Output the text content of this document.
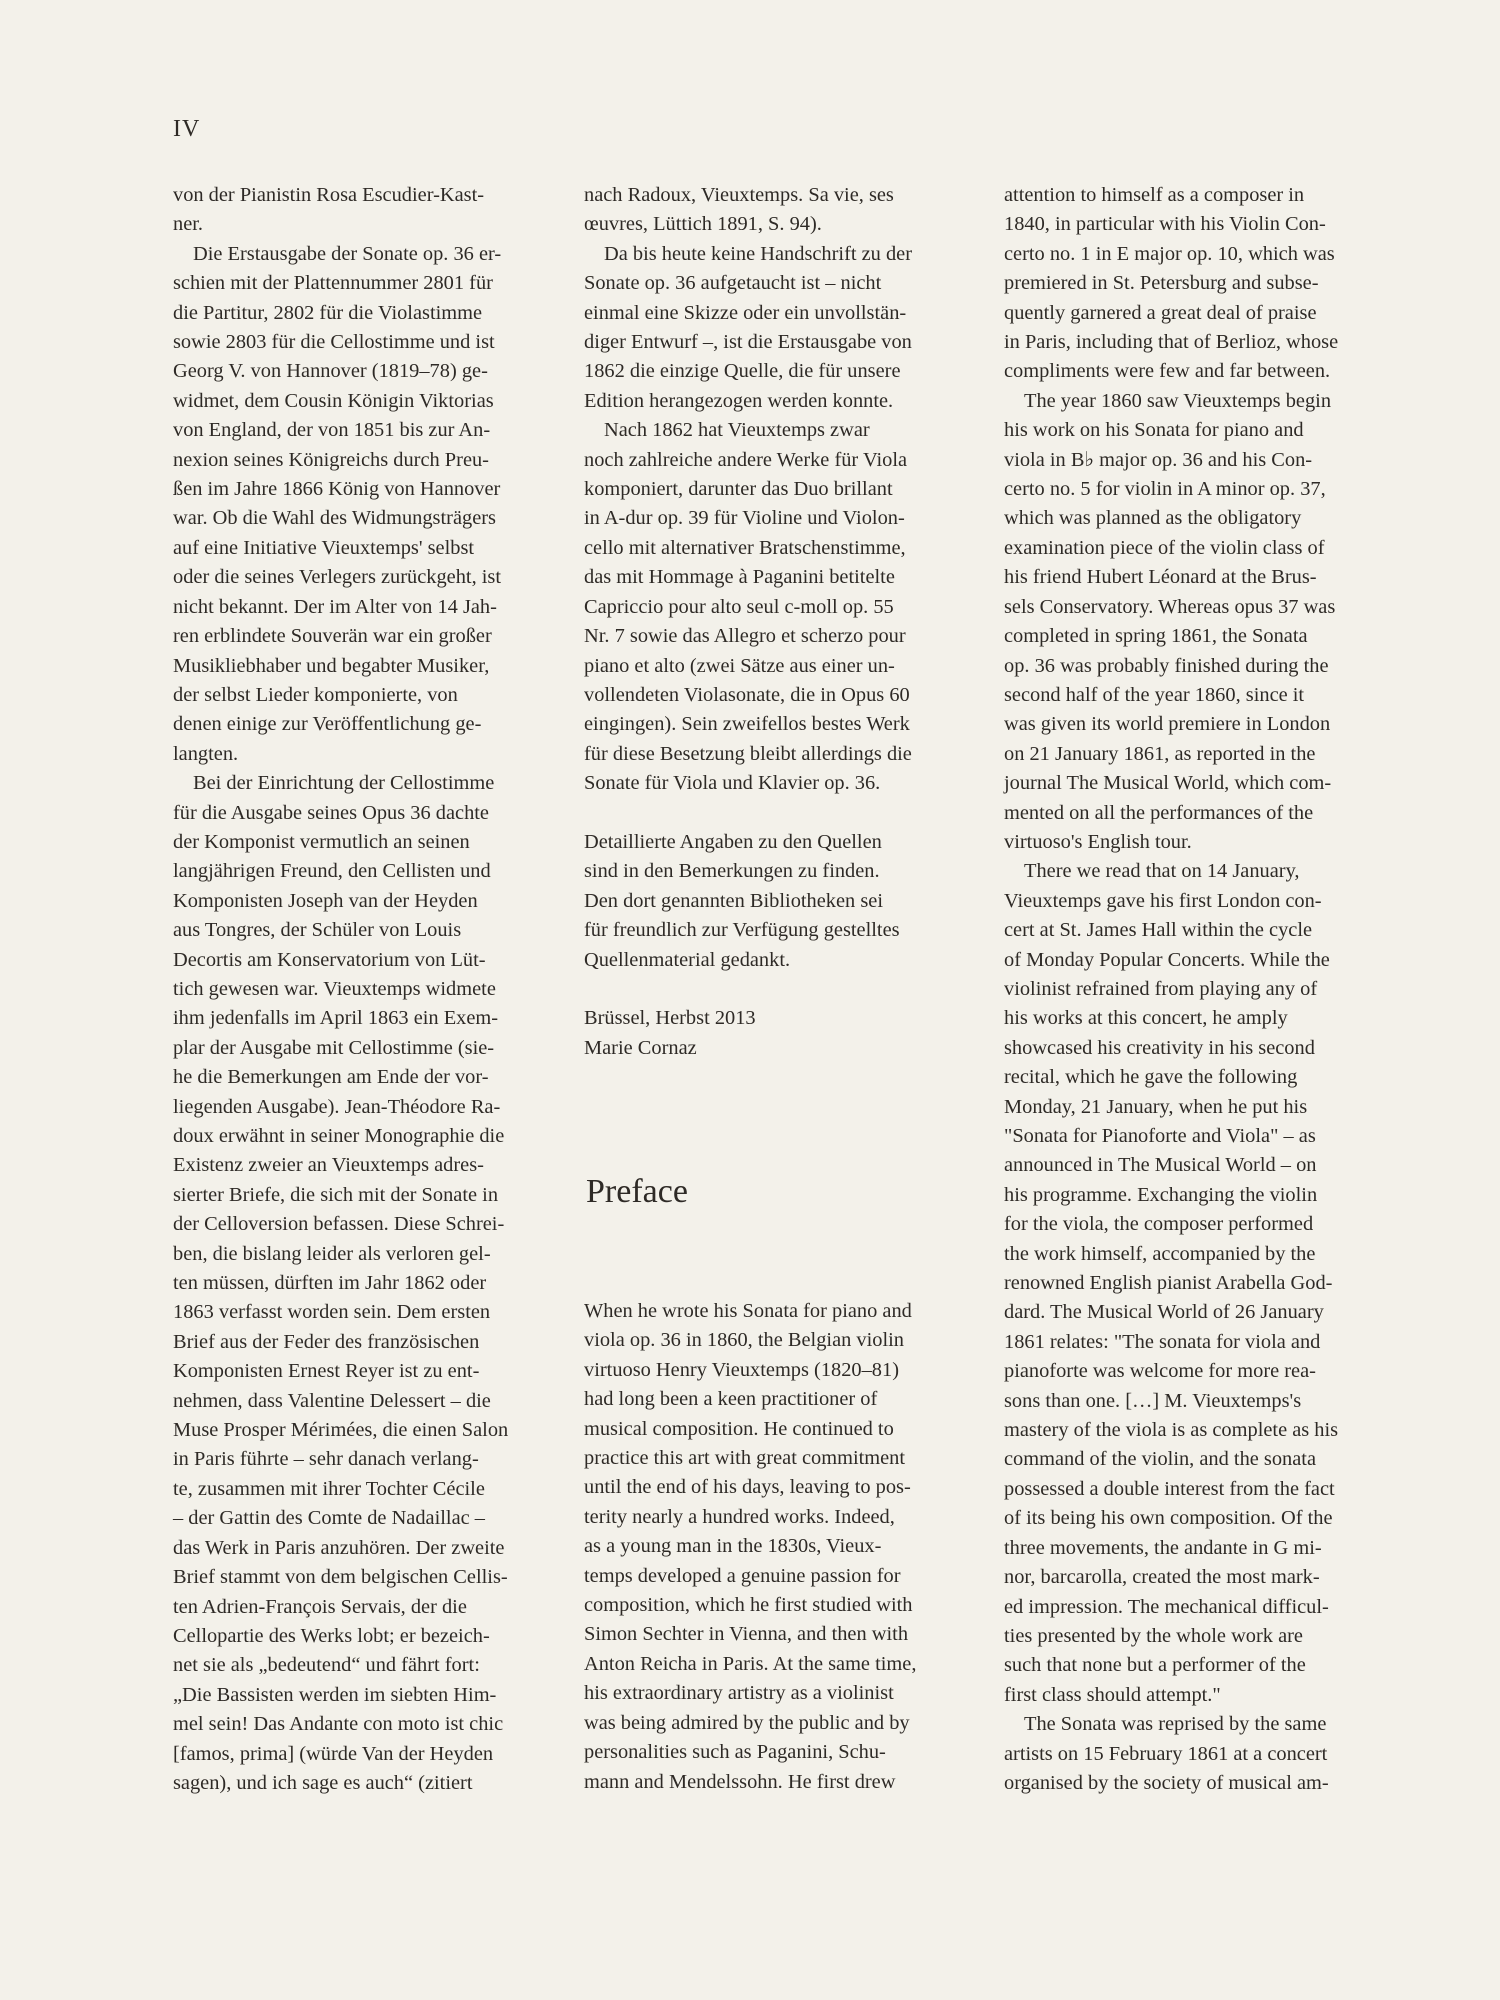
IV
von der Pianistin Rosa Escudier-Kast-
ner.
Die Erstausgabe der Sonate op. 36 er-
schien mit der Plattennummer 2801 für
die Partitur, 2802 für die Violastimme
sowie 2803 für die Cellostimme und ist
Georg V. von Hannover (1819–78) ge-
widmet, dem Cousin Königin Viktorias
von England, der von 1851 bis zur An-
nexion seines Königreichs durch Preu-
ßen im Jahre 1866 König von Hannover
war. Ob die Wahl des Widmungsträgers
auf eine Initiative Vieuxtemps' selbst
oder die seines Verlegers zurückgeht, ist
nicht bekannt. Der im Alter von 14 Jah-
ren erblindete Souverän war ein großer
Musikliebhaber und begabter Musiker,
der selbst Lieder komponierte, von
denen einige zur Veröffentlichung ge-
langten.
Bei der Einrichtung der Cellostimme
für die Ausgabe seines Opus 36 dachte
der Komponist vermutlich an seinen
langjährigen Freund, den Cellisten und
Komponisten Joseph van der Heyden
aus Tongres, der Schüler von Louis
Decortis am Konservatorium von Lüt-
tich gewesen war. Vieuxtemps widmete
ihm jedenfalls im April 1863 ein Exem-
plar der Ausgabe mit Cellostimme (sie-
he die Bemerkungen am Ende der vor-
liegenden Ausgabe). Jean-Théodore Ra-
doux erwähnt in seiner Monographie die
Existenz zweier an Vieuxtemps adres-
sierter Briefe, die sich mit der Sonate in
der Celloversion befassen. Diese Schrei-
ben, die bislang leider als verloren gel-
ten müssen, dürften im Jahr 1862 oder
1863 verfasst worden sein. Dem ersten
Brief aus der Feder des französischen
Komponisten Ernest Reyer ist zu ent-
nehmen, dass Valentine Delessert – die
Muse Prosper Mérimées, die einen Salon
in Paris führte – sehr danach verlang-
te, zusammen mit ihrer Tochter Cécile
– der Gattin des Comte de Nadaillac –
das Werk in Paris anzuhören. Der zweite
Brief stammt von dem belgischen Cellis-
ten Adrien-François Servais, der die
Cellopartie des Werks lobt; er bezeich-
net sie als „bedeutend“ und fährt fort:
„Die Bassisten werden im siebten Him-
mel sein! Das Andante con moto ist chic
[famos, prima] (würde Van der Heyden
sagen), und ich sage es auch“ (zitiert
nach Radoux, Vieuxtemps. Sa vie, ses
œuvres, Lüttich 1891, S. 94).
Da bis heute keine Handschrift zu der
Sonate op. 36 aufgetaucht ist – nicht
einmal eine Skizze oder ein unvollstän-
diger Entwurf –, ist die Erstausgabe von
1862 die einzige Quelle, die für unsere
Edition herangezogen werden konnte.
Nach 1862 hat Vieuxtemps zwar
noch zahlreiche andere Werke für Viola
komponiert, darunter das Duo brillant
in A-dur op. 39 für Violine und Violon-
cello mit alternativer Bratschenstimme,
das mit Hommage à Paganini betitelte
Capriccio pour alto seul c-moll op. 55
Nr. 7 sowie das Allegro et scherzo pour
piano et alto (zwei Sätze aus einer un-
vollendeten Violasonate, die in Opus 60
eingingen). Sein zweifellos bestes Werk
für diese Besetzung bleibt allerdings die
Sonate für Viola und Klavier op. 36.
Detaillierte Angaben zu den Quellen
sind in den Bemerkungen zu finden.
Den dort genannten Bibliotheken sei
für freundlich zur Verfügung gestelltes
Quellenmaterial gedankt.
Brüssel, Herbst 2013
Marie Cornaz
Preface
When he wrote his Sonata for piano and
viola op. 36 in 1860, the Belgian violin
virtuoso Henry Vieuxtemps (1820–81)
had long been a keen practitioner of
musical composition. He continued to
practice this art with great commitment
until the end of his days, leaving to pos-
terity nearly a hundred works. Indeed,
as a young man in the 1830s, Vieux-
temps developed a genuine passion for
composition, which he first studied with
Simon Sechter in Vienna, and then with
Anton Reicha in Paris. At the same time,
his extraordinary artistry as a violinist
was being admired by the public and by
personalities such as Paganini, Schu-
mann and Mendelssohn. He first drew
attention to himself as a composer in
1840, in particular with his Violin Con-
certo no. 1 in E major op. 10, which was
premiered in St. Petersburg and subse-
quently garnered a great deal of praise
in Paris, including that of Berlioz, whose
compliments were few and far between.
The year 1860 saw Vieuxtemps begin
his work on his Sonata for piano and
viola in B♭ major op. 36 and his Con-
certo no. 5 for violin in A minor op. 37,
which was planned as the obligatory
examination piece of the violin class of
his friend Hubert Léonard at the Brus-
sels Conservatory. Whereas opus 37 was
completed in spring 1861, the Sonata
op. 36 was probably finished during the
second half of the year 1860, since it
was given its world premiere in London
on 21 January 1861, as reported in the
journal The Musical World, which com-
mented on all the performances of the
virtuoso's English tour.
There we read that on 14 January,
Vieuxtemps gave his first London con-
cert at St. James Hall within the cycle
of Monday Popular Concerts. While the
violinist refrained from playing any of
his works at this concert, he amply
showcased his creativity in his second
recital, which he gave the following
Monday, 21 January, when he put his
"Sonata for Pianoforte and Viola" – as
announced in The Musical World – on
his programme. Exchanging the violin
for the viola, the composer performed
the work himself, accompanied by the
renowned English pianist Arabella God-
dard. The Musical World of 26 January
1861 relates: "The sonata for viola and
pianoforte was welcome for more rea-
sons than one. […] M. Vieuxtemps's
mastery of the viola is as complete as his
command of the violin, and the sonata
possessed a double interest from the fact
of its being his own composition. Of the
three movements, the andante in G mi-
nor, barcarolla, created the most mark-
ed impression. The mechanical difficul-
ties presented by the whole work are
such that none but a performer of the
first class should attempt."
The Sonata was reprised by the same
artists on 15 February 1861 at a concert
organised by the society of musical am-
